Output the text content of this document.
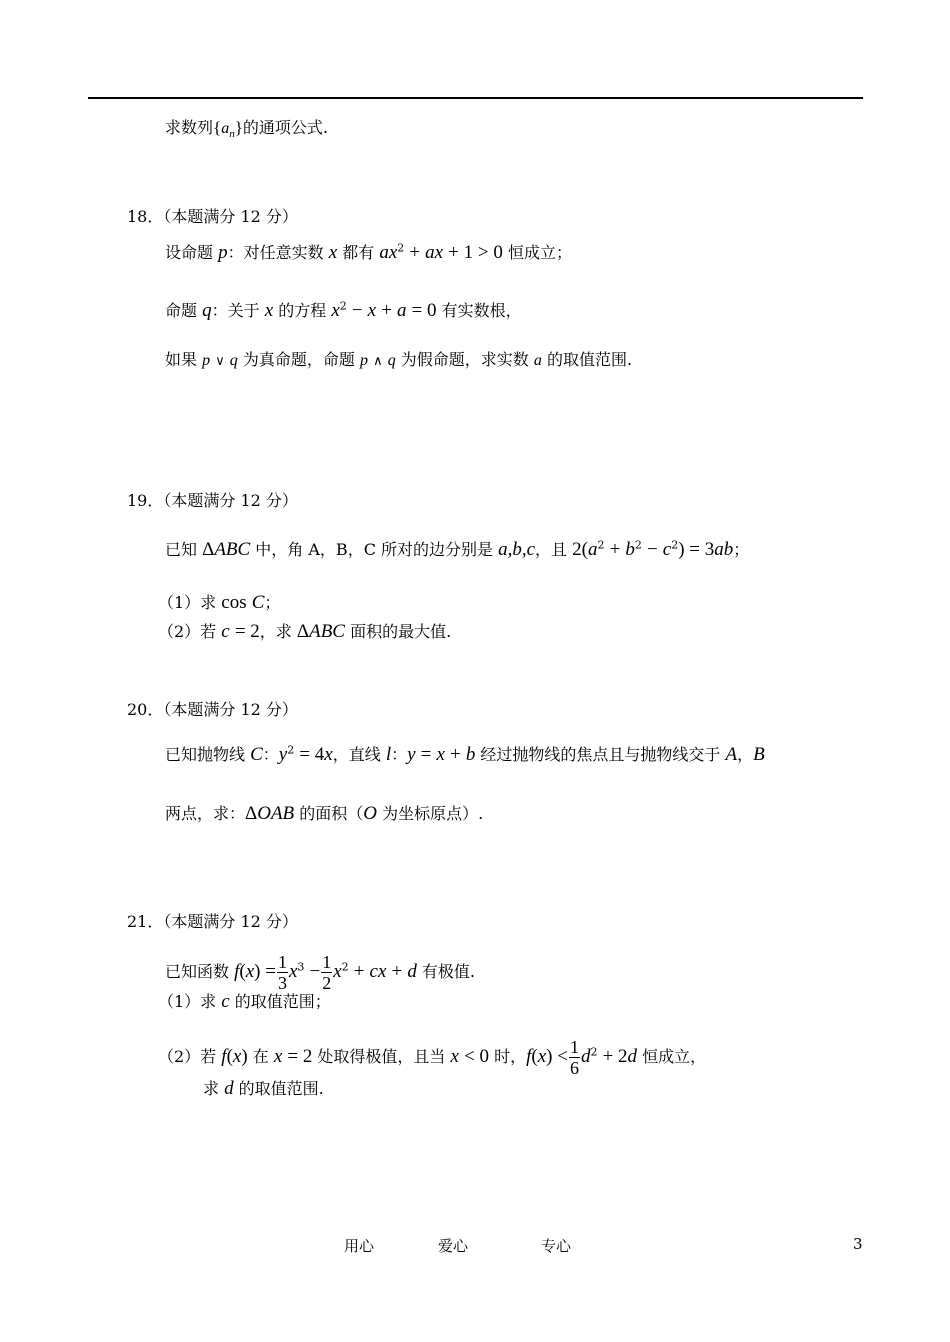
求数列$\{a_n\}$的通项公式.
18．（本题满分 12 分）
设命题 p：对任意实数 x 都有 $ax^2$ + ax + 1 > 0 恒成立；
命题 q：关于 x 的方程 $x^2 - x + a = 0$ 有实数根，
如果 p ∨ q 为真命题，命题 p ∧ q 为假命题，求实数 a 的取值范围.
19．（本题满分 12 分）
已知 ΔABC 中，角 A，B，C 所对的边分别是 a,b,c，且 $2(a^2 + b^2 - c^2) = 3ab$；
（1）求 cos C；
（2）若 c = 2，求 ΔABC 面积的最大值.
20．（本题满分 12 分）
已知抛物线 C：$y^2 = 4x$，直线 l：y = x + b 经过抛物线的焦点且与抛物线交于 A，B
两点，求：ΔOAB 的面积（O 为坐标原点）.
21．（本题满分 12 分）
已知函数 $f(x) = \frac{1}{3} x^3 - \frac{1}{2} x^2$ + cx + d 有极值.
（1）求 c 的取值范围；
（2）若 f(x) 在 x = 2 处取得极值，且当 x < 0 时，$f(x) < \frac{1}{6} d^2 + 2d$ 恒成立，
求 d 的取值范围.
用心	爱心	专心	3
